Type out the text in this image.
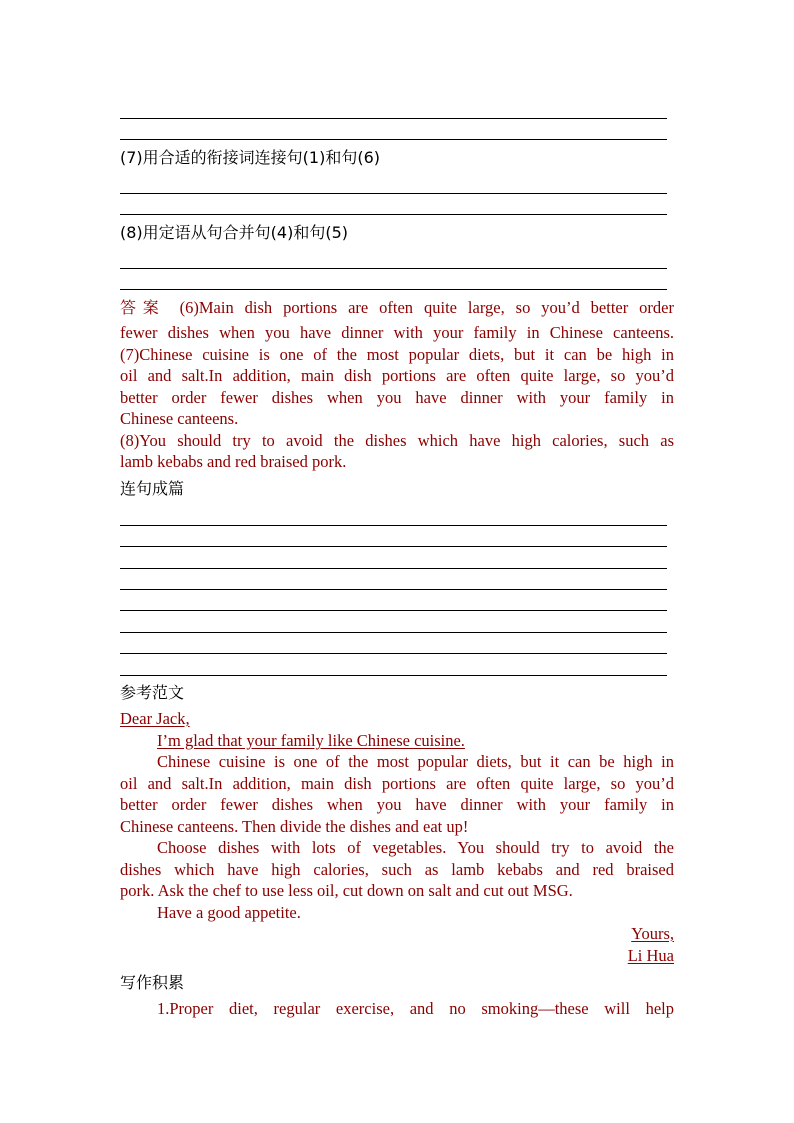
(7)用合适的衔接词连接句(1)和句(6)
(8)用定语从句合并句(4)和句(5)
答案 (6)Main dish portions are often quite large, so you’d better order
fewer dishes when you have dinner with your family in Chinese canteens.
(7)Chinese cuisine is one of the most popular diets, but it can be high in
oil and salt.In addition, main dish portions are often quite large, so you’d
better order fewer dishes when you have dinner with your family in
Chinese canteens.
(8)You should try to avoid the dishes which have high calories, such as
lamb kebabs and red braised pork.
连句成篇
参考范文
Dear Jack,
I’m glad that your family like Chinese cuisine.
Chinese cuisine is one of the most popular diets, but it can be high in
oil and salt.In addition, main dish portions are often quite large, so you’d
better order fewer dishes when you have dinner with your family in
Chinese canteens. Then divide the dishes and eat up!
Choose dishes with lots of vegetables. You should try to avoid the
dishes which have high calories, such as lamb kebabs and red braised
pork. Ask the chef to use less oil, cut down on salt and cut out MSG.
Have a good appetite.
Yours,
Li Hua
写作积累
1.Proper diet, regular exercise, and no smoking—these will help
